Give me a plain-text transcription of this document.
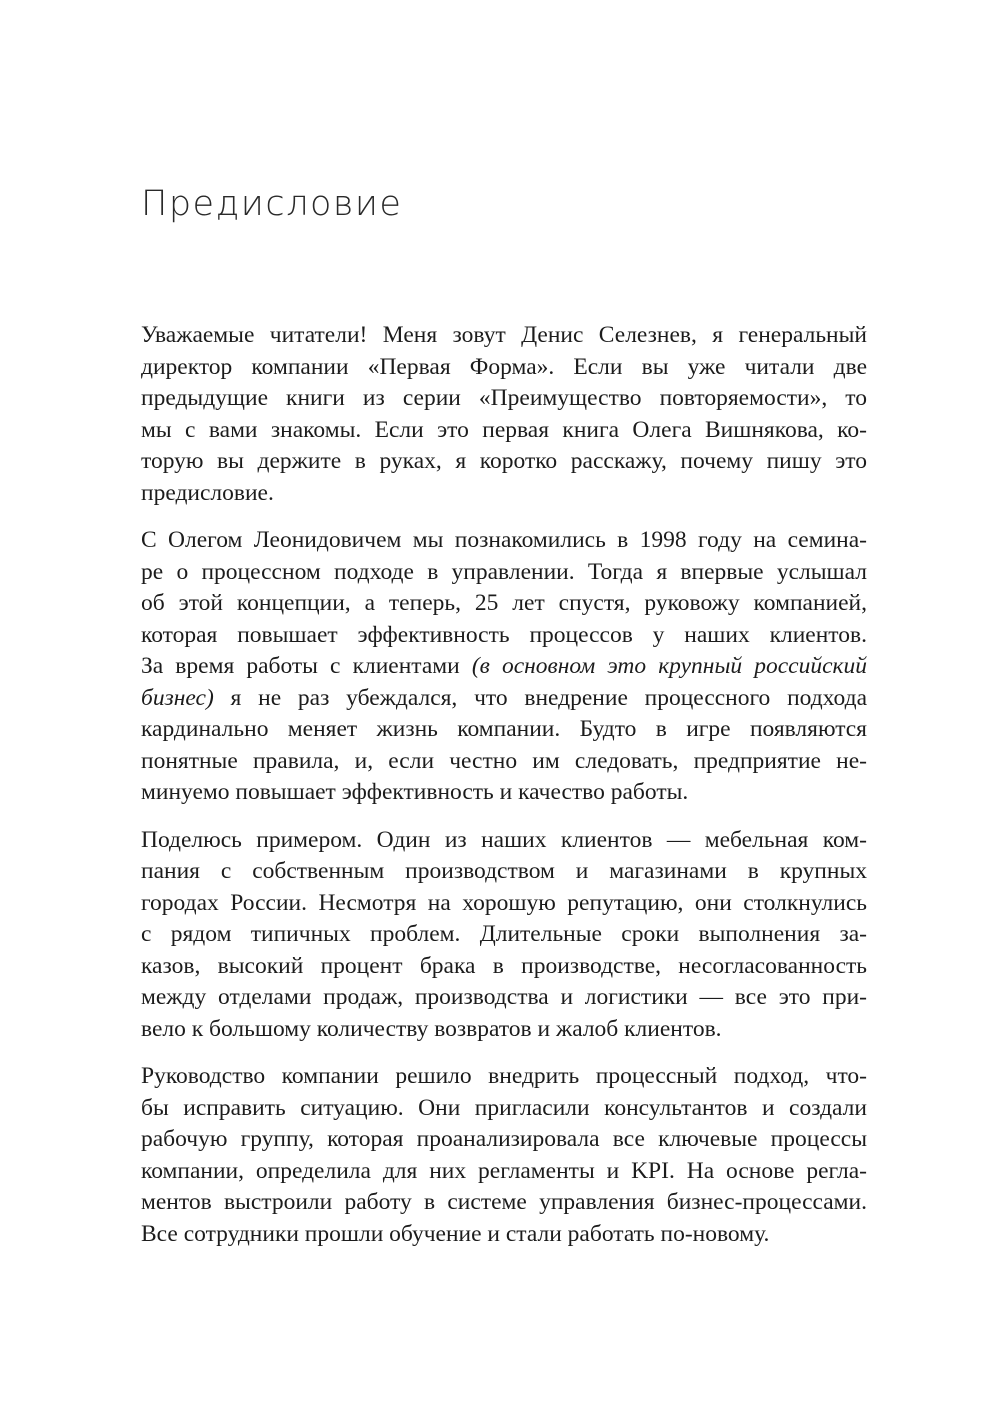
Предисловие

Уважаемые читатели! Меня зовут Денис Селезнев, я генеральный
директор компании «Первая Форма». Если вы уже читали две
предыдущие книги из серии «Преимущество повторяемости», то
мы с вами знакомы. Если это первая книга Олега Вишнякова, ко-
торую вы держите в руках, я коротко расскажу, почему пишу это
предисловие.

С Олегом Леонидовичем мы познакомились в 1998 году на семина-
ре о процессном подходе в управлении. Тогда я впервые услышал
об этой концепции, а теперь, 25 лет спустя, руковожу компанией,
которая повышает эффективность процессов у наших клиентов.
За время работы с клиентами (в основном это крупный российский
бизнес) я не раз убеждался, что внедрение процессного подхода
кардинально меняет жизнь компании. Будто в игре появляются
понятные правила, и, если честно им следовать, предприятие не-
минуемо повышает эффективность и качество работы.

Поделюсь примером. Один из наших клиентов — мебельная ком-
пания с собственным производством и магазинами в крупных
городах России. Несмотря на хорошую репутацию, они столкнулись
с рядом типичных проблем. Длительные сроки выполнения за-
казов, высокий процент брака в производстве, несогласованность
между отделами продаж, производства и логистики — все это при-
вело к большому количеству возвратов и жалоб клиентов.

Руководство компании решило внедрить процессный подход, что-
бы исправить ситуацию. Они пригласили консультантов и создали
рабочую группу, которая проанализировала все ключевые процессы
компании, определила для них регламенты и KPI. На основе регла-
ментов выстроили работу в системе управления бизнес-процессами.
Все сотрудники прошли обучение и стали работать по-новому.
